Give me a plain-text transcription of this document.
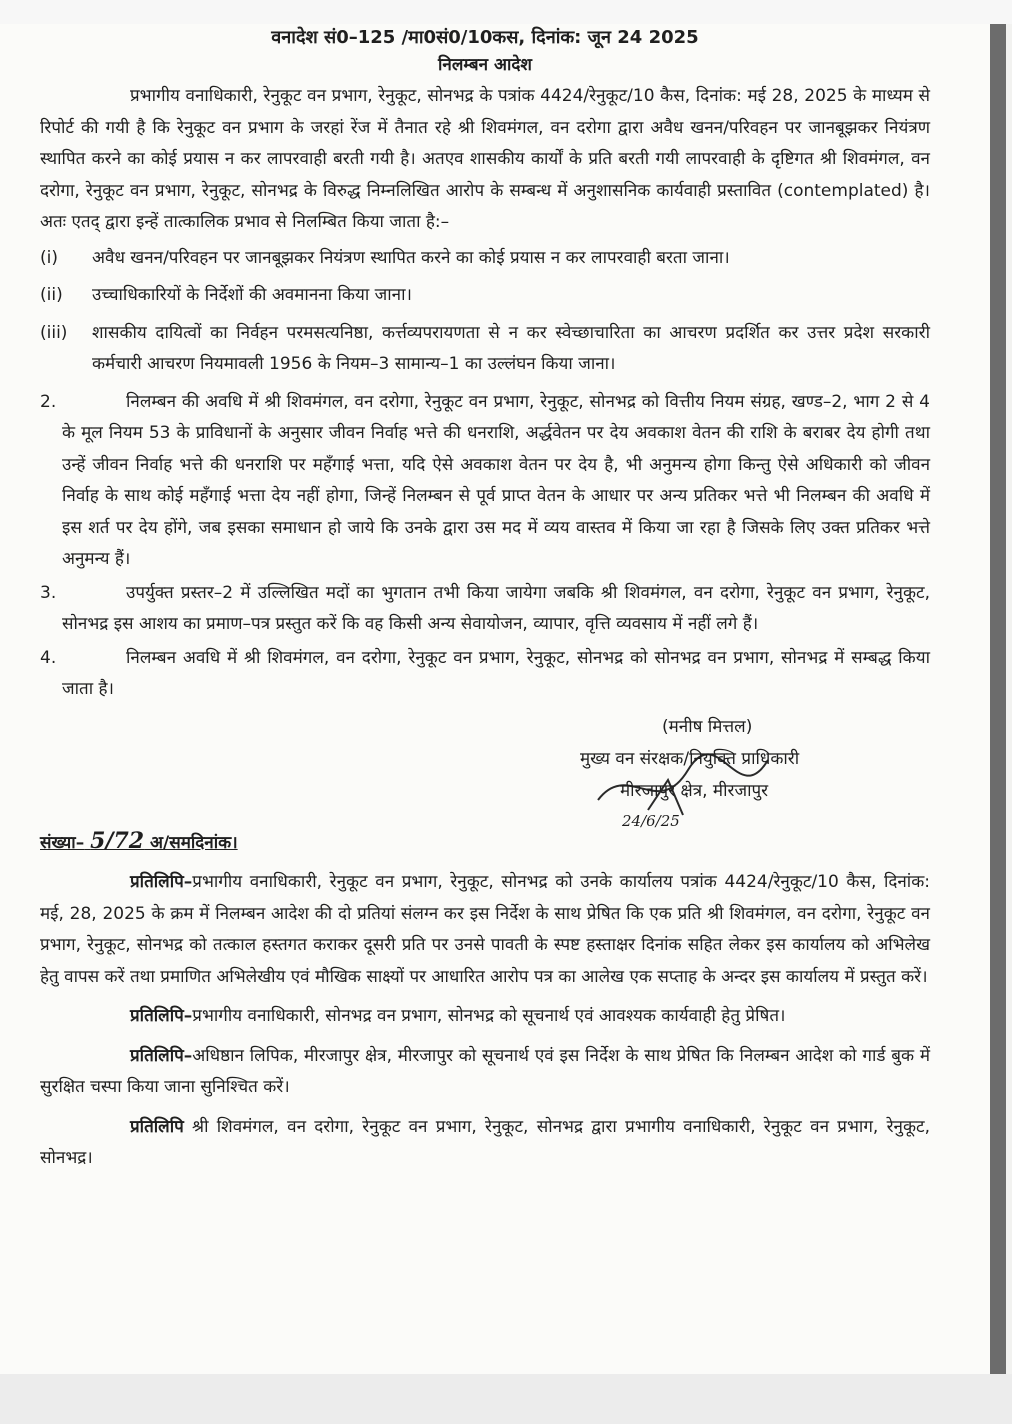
वनादेश सं0–125 /मा0सं0/10कस, दिनांक: जून 24 2025
निलम्बन आदेश

प्रभागीय वनाधिकारी, रेनुकूट वन प्रभाग, रेनुकूट, सोनभद्र के पत्रांक 4424/रेनुकूट/10 कैस, दिनांक: मई 28, 2025 के माध्यम से रिपोर्ट की गयी है कि रेनुकूट वन प्रभाग के जरहां रेंज में तैनात रहे श्री शिवमंगल, वन दरोगा द्वारा अवैध खनन/परिवहन पर जानबूझकर नियंत्रण स्थापित करने का कोई प्रयास न कर लापरवाही बरती गयी है। अतएव शासकीय कार्यों के प्रति बरती गयी लापरवाही के दृष्टिगत श्री शिवमंगल, वन दरोगा, रेनुकूट वन प्रभाग, रेनुकूट, सोनभद्र के विरुद्ध निम्नलिखित आरोप के सम्बन्ध में अनुशासनिक कार्यवाही प्रस्तावित (contemplated) है। अतः एतद् द्वारा इन्हें तात्कालिक प्रभाव से निलम्बित किया जाता है:–

(i)	अवैध खनन/परिवहन पर जानबूझकर नियंत्रण स्थापित करने का कोई प्रयास न कर लापरवाही बरता जाना।
(ii)	उच्चाधिकारियों के निर्देशों की अवमानना किया जाना।
(iii)	शासकीय दायित्वों का निर्वहन परमसत्यनिष्ठा, कर्त्तव्यपरायणता से न कर स्वेच्छाचारिता का आचरण प्रदर्शित कर उत्तर प्रदेश सरकारी कर्मचारी आचरण नियमावली 1956 के नियम–3 सामान्य–1 का उल्लंघन किया जाना।
2.	निलम्बन की अवधि में श्री शिवमंगल, वन दरोगा, रेनुकूट वन प्रभाग, रेनुकूट, सोनभद्र को वित्तीय नियम संग्रह, खण्ड–2, भाग 2 से 4 के मूल नियम 53 के प्राविधानों के अनुसार जीवन निर्वाह भत्ते की धनराशि, अर्द्धवेतन पर देय अवकाश वेतन की राशि के बराबर देय होगी तथा उन्हें जीवन निर्वाह भत्ते की धनराशि पर महँगाई भत्ता, यदि ऐसे अवकाश वेतन पर देय है, भी अनुमन्य होगा किन्तु ऐसे अधिकारी को जीवन निर्वाह के साथ कोई महँगाई भत्ता देय नहीं होगा, जिन्हें निलम्बन से पूर्व प्राप्त वेतन के आधार पर अन्य प्रतिकर भत्ते भी निलम्बन की अवधि में इस शर्त पर देय होंगे, जब इसका समाधान हो जाये कि उनके द्वारा उस मद में व्यय वास्तव में किया जा रहा है जिसके लिए उक्त प्रतिकर भत्ते अनुमन्य हैं।
3.	उपर्युक्त प्रस्तर–2 में उल्लिखित मदों का भुगतान तभी किया जायेगा जबकि श्री शिवमंगल, वन दरोगा, रेनुकूट वन प्रभाग, रेनुकूट, सोनभद्र इस आशय का प्रमाण–पत्र प्रस्तुत करें कि वह किसी अन्य सेवायोजन, व्यापार, वृत्ति व्यवसाय में नहीं लगे हैं।
4.	निलम्बन अवधि में श्री शिवमंगल, वन दरोगा, रेनुकूट वन प्रभाग, रेनुकूट, सोनभद्र को सोनभद्र वन प्रभाग, सोनभद्र में सम्बद्ध किया जाता है।
(मनीष मित्तल)
मुख्य वन संरक्षक/नियुक्ति प्राधिकारी
मीरजापुर क्षेत्र, मीरजापुर
24/6/25
संख्या– 5/72 अ/समदिनांक।

प्रतिलिपि–प्रभागीय वनाधिकारी, रेनुकूट वन प्रभाग, रेनुकूट, सोनभद्र को उनके कार्यालय पत्रांक 4424/रेनुकूट/10 कैस, दिनांक: मई, 28, 2025 के क्रम में निलम्बन आदेश की दो प्रतियां संलग्न कर इस निर्देश के साथ प्रेषित कि एक प्रति श्री शिवमंगल, वन दरोगा, रेनुकूट वन प्रभाग, रेनुकूट, सोनभद्र को तत्काल हस्तगत कराकर दूसरी प्रति पर उनसे पावती के स्पष्ट हस्ताक्षर दिनांक सहित लेकर इस कार्यालय को अभिलेख हेतु वापस करें तथा प्रमाणित अभिलेखीय एवं मौखिक साक्ष्यों पर आधारित आरोप पत्र का आलेख एक सप्ताह के अन्दर इस कार्यालय में प्रस्तुत करें।

प्रतिलिपि–प्रभागीय वनाधिकारी, सोनभद्र वन प्रभाग, सोनभद्र को सूचनार्थ एवं आवश्यक कार्यवाही हेतु प्रेषित।

प्रतिलिपि–अधिष्ठान लिपिक, मीरजापुर क्षेत्र, मीरजापुर को सूचनार्थ एवं इस निर्देश के साथ प्रेषित कि निलम्बन आदेश को गार्ड बुक में सुरक्षित चस्पा किया जाना सुनिश्चित करें।

प्रतिलिपि श्री शिवमंगल, वन दरोगा, रेनुकूट वन प्रभाग, रेनुकूट, सोनभद्र द्वारा प्रभागीय वनाधिकारी, रेनुकूट वन प्रभाग, रेनुकूट, सोनभद्र।
